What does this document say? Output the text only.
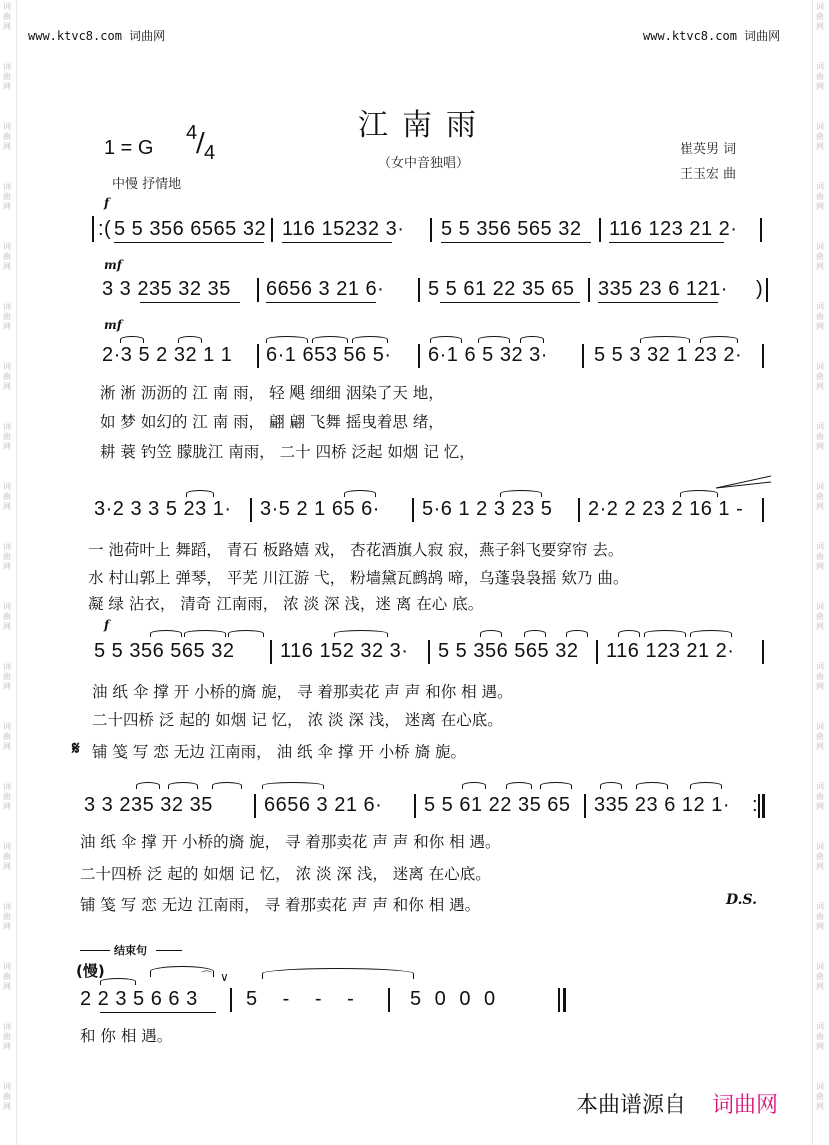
词曲网
词曲网
词曲网
词曲网
词曲网
词曲网
词曲网
词曲网
词曲网
词曲网
词曲网
词曲网
词曲网
词曲网
词曲网
词曲网
词曲网
词曲网
词曲网
词曲网
词曲网
词曲网
词曲网
词曲网
词曲网
词曲网
词曲网
词曲网
词曲网
词曲网
词曲网
词曲网
词曲网
词曲网
词曲网
词曲网
词曲网
词曲网
www.ktvc8.com 词曲网	www.ktvc8.com 词曲网
江南雨
（女中音独唱）
1 = G
4
/ 4
中慢 抒情地
崔英男 词
王玉宏 曲
f
:( 5 5 356 6565 32 116 15232 3· 5 5 356 565 32 116 123 21 2·
mf
3 3 235 32 35 6656 3 21 6· 5 5 61 22 35 65 335 23 6 121· )
mf
2·3 5 2 32 1 1 6·1 653 56 5· 6·1 6 5 32 3· 5 5 3 32 1 23 2·
淅 淅 沥沥的 江 南 雨， 轻 飓 细细 洇染了天 地，
如 梦 如幻的 江 南 雨， 翩 翩 飞舞 摇曳着思 绪，
耕 蓑 钓笠 朦胧江 南雨， 二十 四桥 泛起 如烟 记 忆，
3·2 3 3 5 23 1· 3·5 2 1 65 6· 5·6 1 2 3 23 5 2·2 2 23 2 16 1 -
一 池荷叶上 舞蹈， 青石 板路嬉 戏， 杏花酒旗人寂 寂，燕子斜飞要穿帘 去。
水 村山郭上 弹琴， 平芜 川江游 弋， 粉墙黛瓦鹧鸪 啼，乌蓬袅袅摇 欸乃 曲。
凝 绿 沾衣， 清奇 江南雨， 浓 淡 深 浅，迷 离 在心 底。
f
5 5 356 565 32 116 152 32 3· 5 5 356 565 32 116 123 21 2·
油 纸 伞 撑 开 小桥的旖 旎， 寻 着那卖花 声 声 和你 相 遇。
二十四桥 泛 起的 如烟 记 忆， 浓 淡 深 浅， 迷离 在心底。
𝄋 铺 笺 写 恋 无边 江南雨， 油 纸 伞 撑 开 小桥 旖 旎。
3 3 235 32 35	6656 3 21 6· 5 5 61 22 35 65 335 23 6 12 1· :
油 纸 伞 撑 开 小桥的旖 旎， 寻 着那卖花 声 声 和你 相 遇。
二十四桥 泛 起的 如烟 记 忆， 浓 淡 深 浅， 迷离 在心底。
铺 笺 写 恋 无边 江南雨， 寻 着那卖花 声 声 和你 相 遇。	D.S.
结束句
(慢)	⌒ ∨
2 2 3 5 6 6 3 5 - - - 5 0 0 0
和 你 相 遇。
本曲谱源自 词曲网
